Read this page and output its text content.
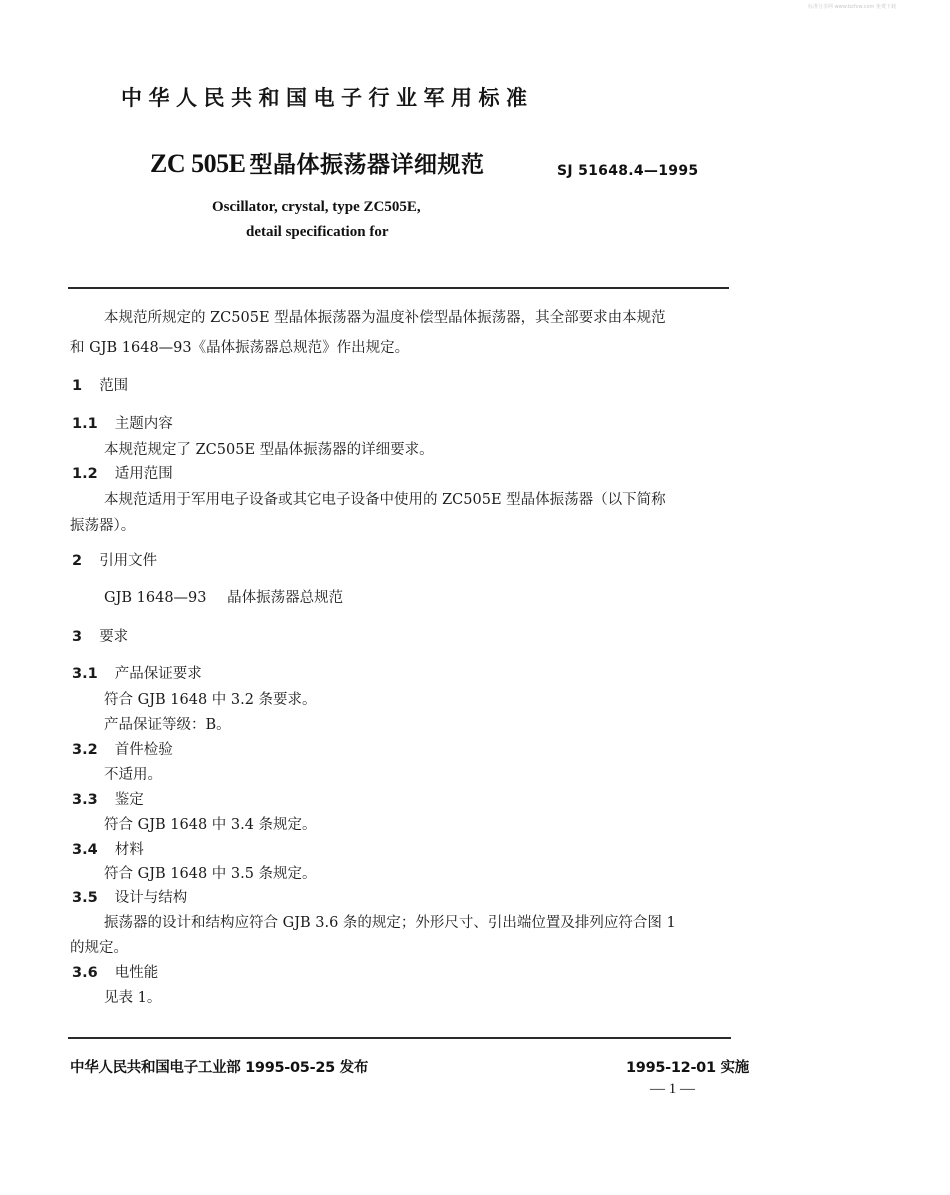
标准分享网 www.bzfxw.com 免费下载
中华人民共和国电子行业军用标准
ZC 505E 型晶体振荡器详细规范	SJ 51648.4—1995
Oscillator, crystal, type ZC505E,
detail specification for
本规范所规定的 ZC505E 型晶体振荡器为温度补偿型晶体振荡器，其全部要求由本规范
和 GJB 1648—93《晶体振荡器总规范》作出规定。
1 范围
1.1 主题内容
本规范规定了 ZC505E 型晶体振荡器的详细要求。
1.2 适用范围
本规范适用于军用电子设备或其它电子设备中使用的 ZC505E 型晶体振荡器（以下简称
振荡器）。
2 引用文件
GJB 1648—93 晶体振荡器总规范
3 要求
3.1 产品保证要求
符合 GJB 1648 中 3.2 条要求。
产品保证等级：B。
3.2 首件检验
不适用。
3.3 鉴定
符合 GJB 1648 中 3.4 条规定。
3.4 材料
符合 GJB 1648 中 3.5 条规定。
3.5 设计与结构
振荡器的设计和结构应符合 GJB 3.6 条的规定；外形尺寸、引出端位置及排列应符合图 1
的规定。
3.6 电性能
见表 1。
中华人民共和国电子工业部 1995-05-25 发布	1995-12-01 实施
— 1 —
